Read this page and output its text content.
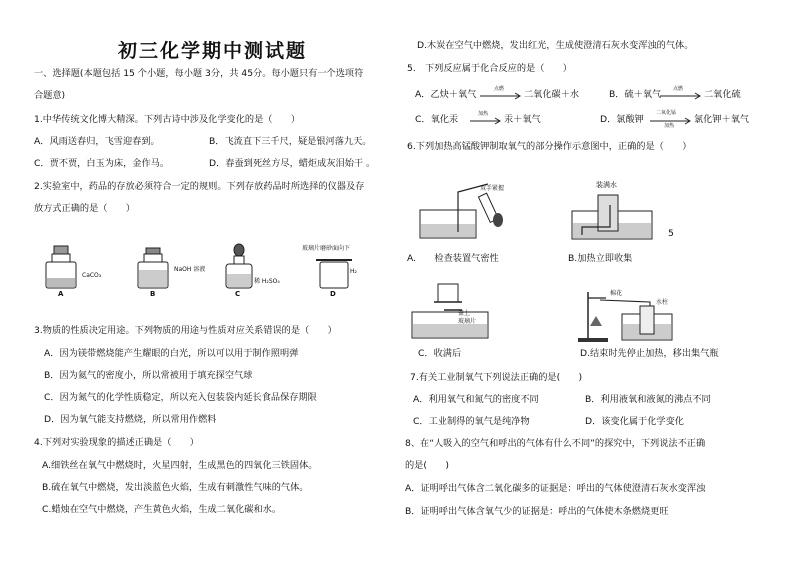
初三化学期中测试题
一、选择题(本题包括 15 个小题，每小题 3分，共 45分。每小题只有一个选项符
合题意)
1.中华传统文化博大精深。下列古诗中涉及化学变化的是（　　）
A．风雨送春归，飞雪迎春到。	B．飞流直下三千尺，疑是银河落九天。
C．贾不贾，白玉为床，金作马。	D．春蚕到死丝方尽，蜡炬成灰泪始干 。
2.实验室中，药品的存放必须符合一定的规则。下列存放药品时所选择的仪器及存
放方式正确的是（　　）
CaCO₃
NaOH 溶液
稀 H₂SO₄
H₂
玻璃片磨砂面向下
A	B	C	D
3.物质的性质决定用途。下列物质的用途与性质对应关系错误的是（　　）
A．因为镁带燃烧能产生耀眼的白光，所以可以用于制作照明弹
B．因为氦气的密度小，所以常被用于填充探空气球
C．因为氮气的化学性质稳定，所以充入包装袋内延长食品保存期限
D．因为氧气能支持燃烧，所以常用作燃料
4.下列对实验现象的描述正确是（　　）
A.细铁丝在氧气中燃烧时，火星四射，生成黑色的四氧化三铁固体。
B.硫在氧气中燃烧，发出淡蓝色火焰，生成有刺激性气味的气体。
C.蜡烛在空气中燃烧，产生黄色火焰，生成二氧化碳和水。
D.木炭在空气中燃烧，发出红光，生成使澄清石灰水变浑浊的气体。
5.　下列反应属于化合反应的是（　　）
A．乙炔＋氧气	点燃 二氧化碳＋水	B．硫＋氧气 点燃 二氧化硫
C．氧化汞	加热 汞＋氧气	D．氯酸钾
二氧化锰
加热
氯化钾＋氧气
6.下列加热高锰酸钾制取氧气的部分操作示意图中，正确的是（　　）
双手紧握	装满水
5
A.　　检查装置气密性	B.加热立即收集
盖上
玻璃片
棉花
水柱
C．收满后	D.结束时先停止加热，移出集气瓶
7.有关工业制氧气下列说法正确的是(　　)
A．利用氧气和氮气的密度不同	B．利用液氧和液氮的沸点不同
C．工业制得的氧气是纯净物	D．该变化属于化学变化
8、在“人吸入的空气和呼出的气体有什么不同”的探究中，下列说法不正确
的是(　　)
A．证明呼出气体含二氧化碳多的证据是：呼出的气体使澄清石灰水变浑浊
B．证明呼出气体含氧气少的证据是：呼出的气体使木条燃烧更旺
